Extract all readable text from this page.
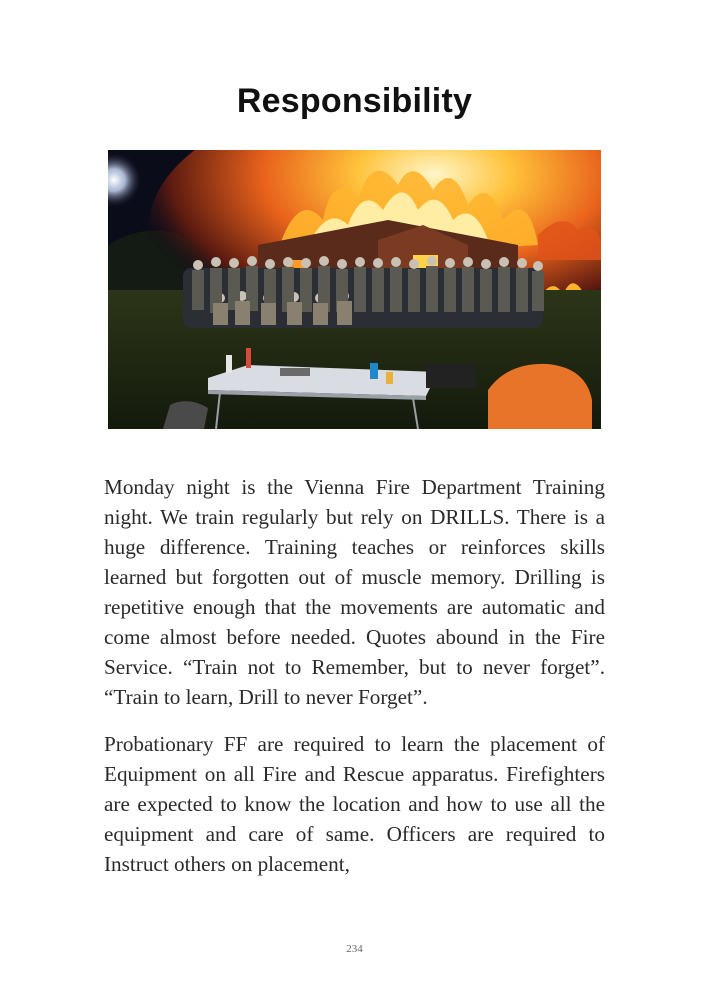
Responsibility

Monday night is the Vienna Fire Department Training night. We train regularly but rely on DRILLS. There is a huge difference. Training teaches or reinforces skills learned but forgotten out of muscle memory. Drilling is repetitive enough that the movements are automatic and come almost before needed. Quotes abound in the Fire Service. “Train not to Remember, but to never forget”. “Train to learn, Drill to never Forget”.

Probationary FF are required to learn the placement of Equipment on all Fire and Rescue apparatus. Firefighters are expected to know the location and how to use all the equipment and care of same. Officers are required to Instruct others on placement,

234
